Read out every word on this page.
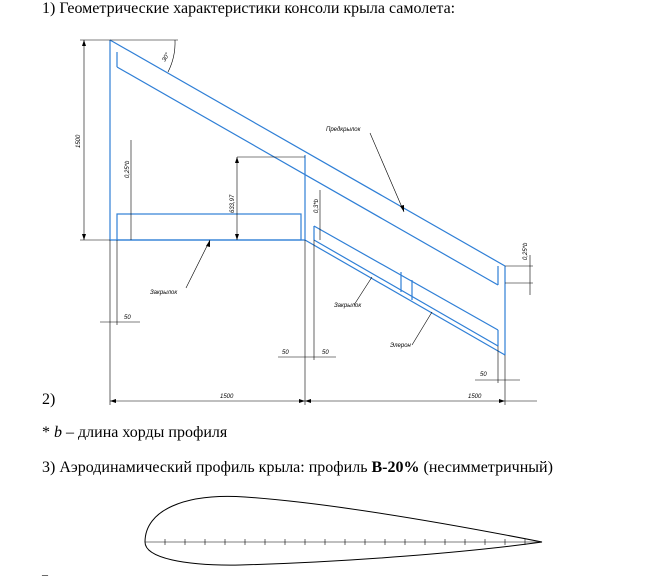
1) Геометрические характеристики консоли крыла самолета:
30°
1500
0,25*b
633,97	0,3*b
0,25*b
Предкрылок
Закрылок
Закрылок
Элерон
50
50	50
50
1500	1500
2)
* b – длина хорды профиля
3) Аэродинамический профиль крыла: профиль В-20% (несимметричный)
–
